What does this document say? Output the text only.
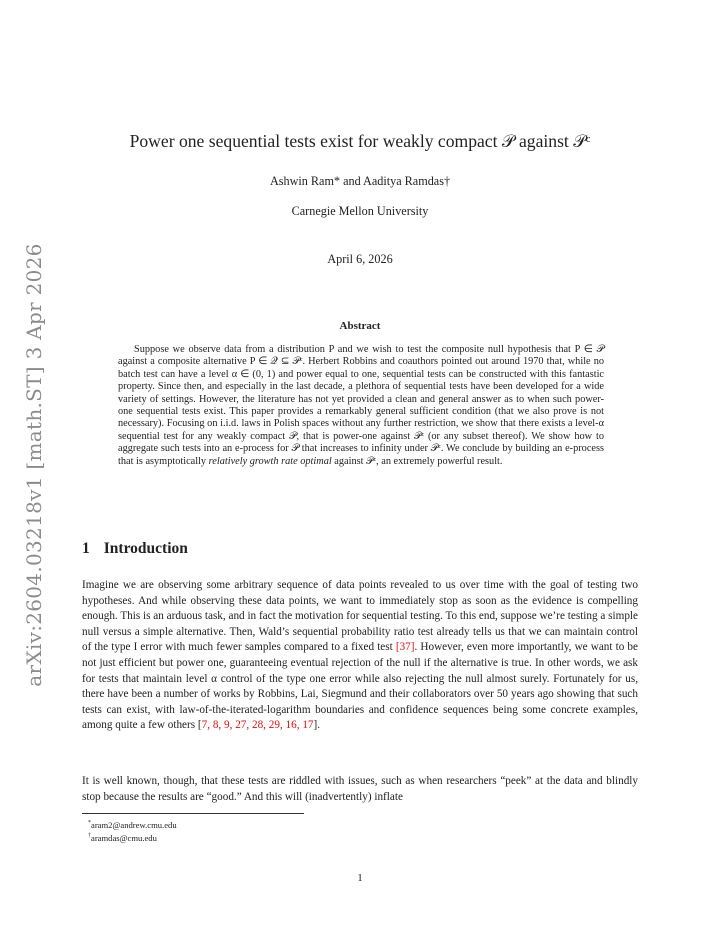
arXiv:2604.03218v1 [math.ST] 3 Apr 2026
Power one sequential tests exist for weakly compact 𝒫 against 𝒫ᶜ
Ashwin Ram* and Aaditya Ramdas†
Carnegie Mellon University
April 6, 2026
Abstract
Suppose we observe data from a distribution P and we wish to test the composite null hypothesis that P ∈ 𝒫 against a composite alternative P ∈ 𝒬 ⊆ 𝒫ᶜ. Herbert Robbins and coauthors pointed out around 1970 that, while no batch test can have a level α ∈ (0, 1) and power equal to one, sequential tests can be constructed with this fantastic property. Since then, and especially in the last decade, a plethora of sequential tests have been developed for a wide variety of settings. However, the literature has not yet provided a clean and general answer as to when such power-one sequential tests exist. This paper provides a remarkably general sufficient condition (that we also prove is not necessary). Focusing on i.i.d. laws in Polish spaces without any further restriction, we show that there exists a level-α sequential test for any weakly compact 𝒫, that is power-one against 𝒫ᶜ (or any subset thereof). We show how to aggregate such tests into an e-process for 𝒫 that increases to infinity under 𝒫ᶜ. We conclude by building an e-process that is asymptotically relatively growth rate optimal against 𝒫ᶜ, an extremely powerful result.
1 Introduction
Imagine we are observing some arbitrary sequence of data points revealed to us over time with the goal of testing two hypotheses. And while observing these data points, we want to immediately stop as soon as the evidence is compelling enough. This is an arduous task, and in fact the motivation for sequential testing. To this end, suppose we’re testing a simple null versus a simple alternative. Then, Wald’s sequential probability ratio test already tells us that we can maintain control of the type I error with much fewer samples compared to a fixed test [37]. However, even more importantly, we want to be not just efficient but power one, guaranteeing eventual rejection of the null if the alternative is true. In other words, we ask for tests that maintain level α control of the type one error while also rejecting the null almost surely. Fortunately for us, there have been a number of works by Robbins, Lai, Siegmund and their collaborators over 50 years ago showing that such tests can exist, with law-of-the-iterated-logarithm boundaries and confidence sequences being some concrete examples, among quite a few others [7, 8, 9, 27, 28, 29, 16, 17].
It is well known, though, that these tests are riddled with issues, such as when researchers “peek” at the data and blindly stop because the results are “good.” And this will (inadvertently) inflate
*aram2@andrew.cmu.edu
†aramdas@cmu.edu
1
